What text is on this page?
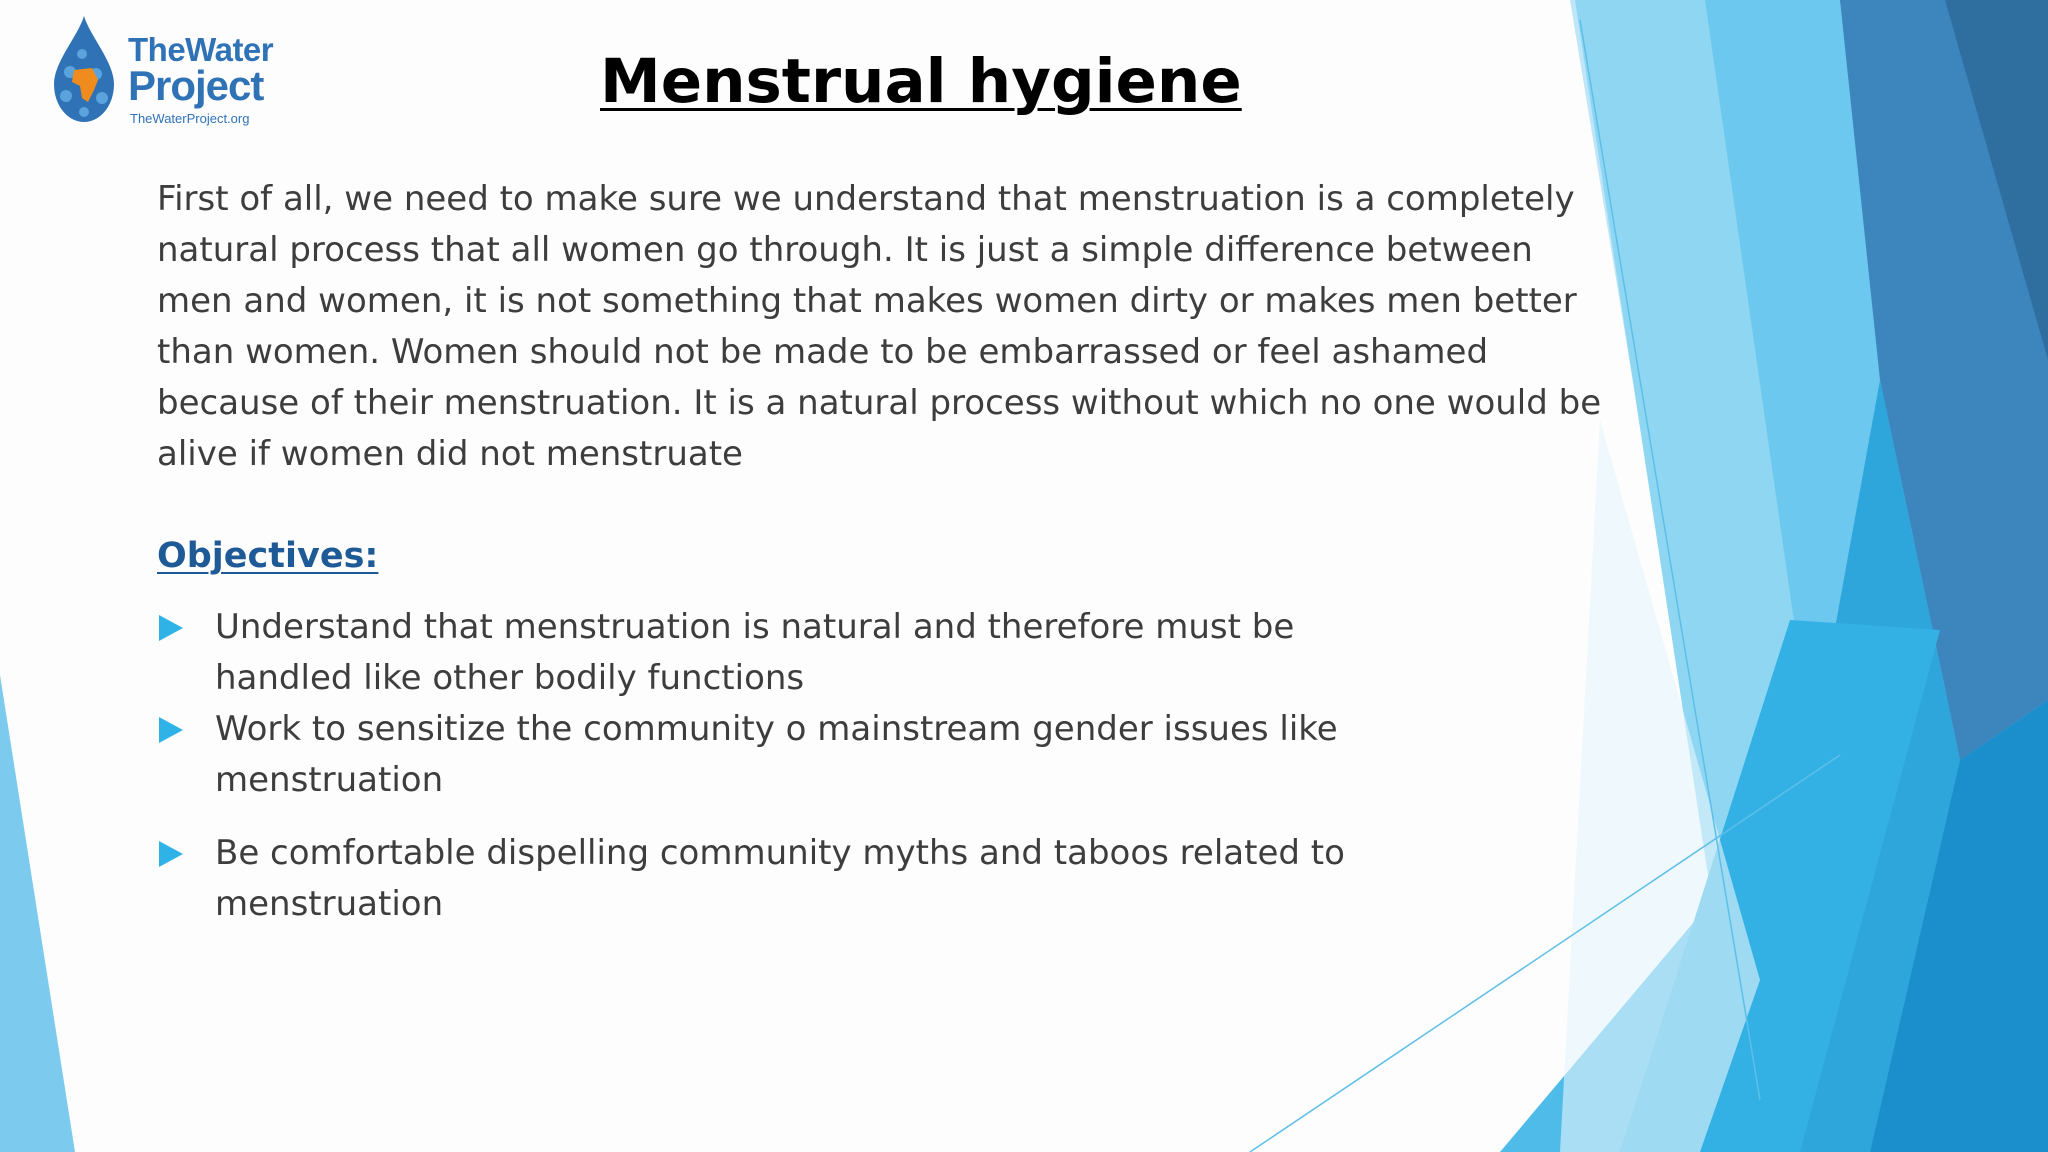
TheWater
Project
TheWaterProject.org
Menstrual hygiene

First of all, we need to make sure we understand that menstruation is a completely natural process that all women go through. It is just a simple difference between men and women, it is not something that makes women dirty or makes men better than women. Women should not be made to be embarrassed or feel ashamed because of their menstruation. It is a natural process without which no one would be alive if women did not menstruate

Objectives:
Understand that menstruation is natural and therefore must be handled like other bodily functions
Work to sensitize the community o mainstream gender issues like menstruation
Be comfortable dispelling community myths and taboos related to menstruation
